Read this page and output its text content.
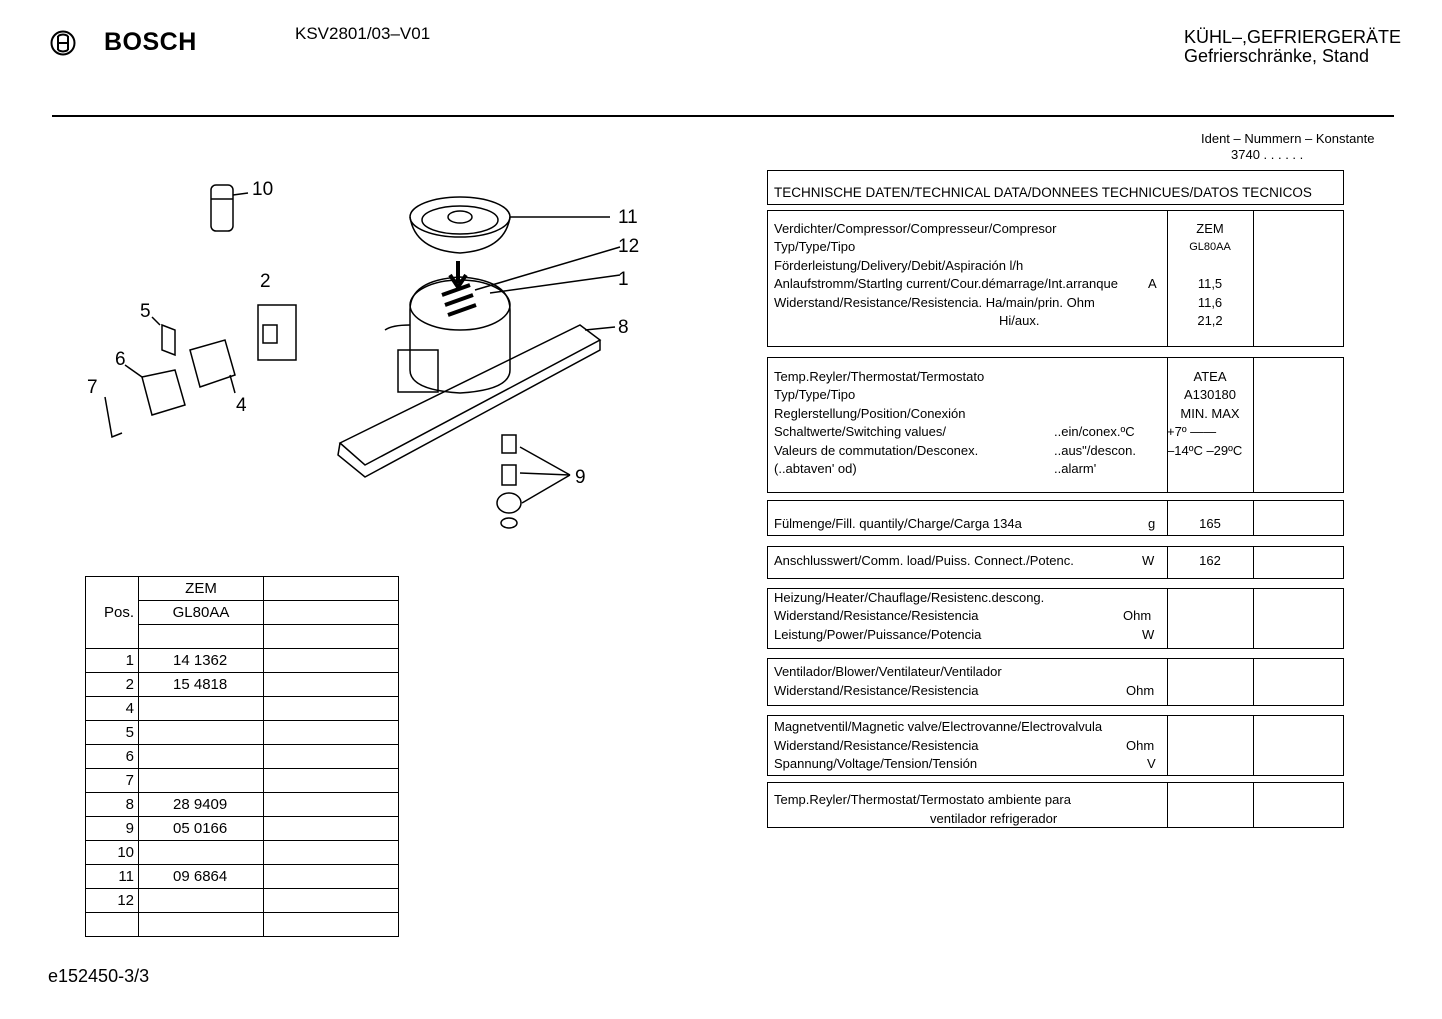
BOSCH	KSV2801/03–V01	KÜHL–,GEFRIERGERÄTE
Gefrierschränke, Stand
Ident – Nummern – Konstante
3740 . . . . . .
10
11
12
1
2
5
6
7
4
8
9
Pos.	ZEM	
	GL80AA	

1	14 1362	
2	15 4818	
4		
5		
6		
7		
8	28 9409	
9	05 0166	
10		
11	09 6864	
12		

TECHNISCHE DATEN/TECHNICAL DATA/DONNEES TECHNICUES/DATOS TECNICOS
Verdichter/Compressor/Compresseur/Compresor	ZEM
Typ/Type/Tipo	GL80AA
Förderleistung/Delivery/Debit/Aspiración l/h
Anlaufstromm/Startlng current/Cour.démarrage/Int.arranque A	11,5
Widerstand/Resistance/Resistencia. Ha/main/prin. Ohm	11,6
Hi/aux.	21,2
Temp.Reyler/Thermostat/Termostato	ATEA
Typ/Type/Tipo	A130180
Reglerstellung/Position/Conexión	MIN. MAX
Schaltwerte/Switching values/	..ein/conex.ºC +7º ——
Valeurs de commutation/Desconex.	..aus"/descon. –14ºC –29ºC
(..abtaven' od)	..alarm'
Fülmenge/Fill. quantily/Charge/Carga 134a	g	165
Anschlusswert/Comm. load/Puiss. Connect./Potenc.	W	162
Heizung/Heater/Chauflage/Resistenc.descong.
Widerstand/Resistance/Resistencia	Ohm
Leistung/Power/Puissance/Potencia	W
Ventilador/Blower/Ventilateur/Ventilador
Widerstand/Resistance/Resistencia	Ohm
Magnetventil/Magnetic valve/Electrovanne/Electrovalvula
Widerstand/Resistance/Resistencia	Ohm
Spannung/Voltage/Tension/Tensión	V
Temp.Reyler/Thermostat/Termostato ambiente para
ventilador refrigerador
e152450-3/3
